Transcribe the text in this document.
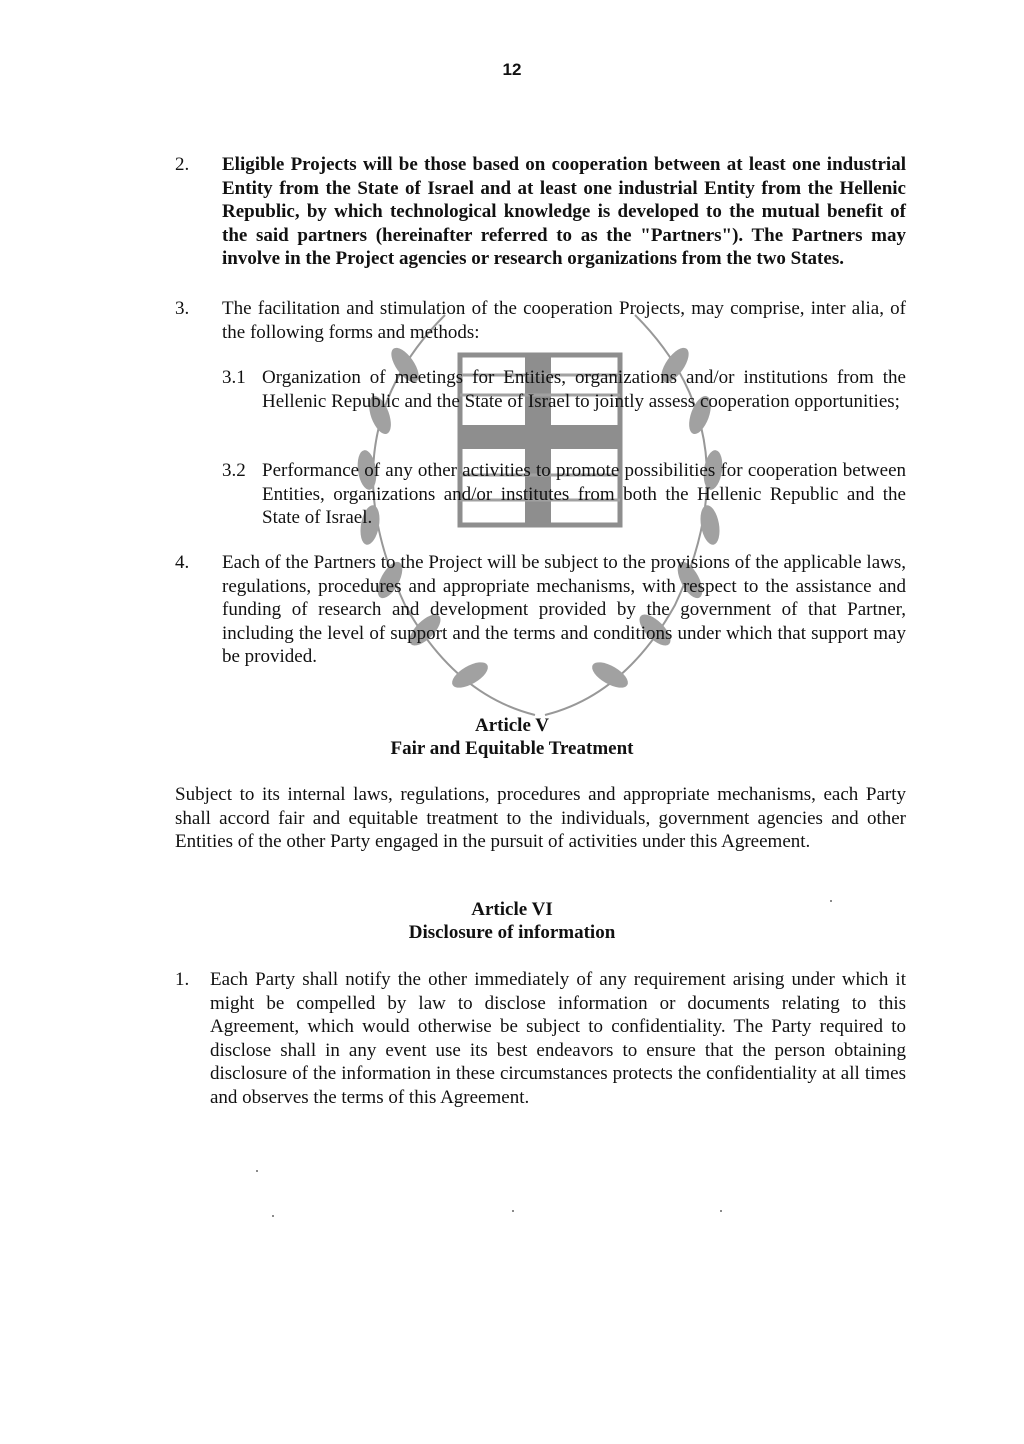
12
2. Eligible Projects will be those based on cooperation between at least one industrial Entity from the State of Israel and at least one industrial Entity from the Hellenic Republic, by which technological knowledge is developed to the mutual benefit of the said partners (hereinafter referred to as the "Partners"). The Partners may involve in the Project agencies or research organizations from the two States.
3. The facilitation and stimulation of the cooperation Projects, may comprise, inter alia, of the following forms and methods:
3.1 Organization of meetings for Entities, organizations and/or institutions from the Hellenic Republic and the State of Israel to jointly assess cooperation opportunities;
3.2 Performance of any other activities to promote possibilities for cooperation between Entities, organizations and/or institutes from both the Hellenic Republic and the State of Israel.
4. Each of the Partners to the Project will be subject to the provisions of the applicable laws, regulations, procedures and appropriate mechanisms, with respect to the assistance and funding of research and development provided by the government of that Partner, including the level of support and the terms and conditions under which that support may be provided.
Article V
Fair and Equitable Treatment
Subject to its internal laws, regulations, procedures and appropriate mechanisms, each Party shall accord fair and equitable treatment to the individuals, government agencies and other Entities of the other Party engaged in the pursuit of activities under this Agreement.
Article VI
Disclosure of information
1. Each Party shall notify the other immediately of any requirement arising under which it might be compelled by law to disclose information or documents relating to this Agreement, which would otherwise be subject to confidentiality. The Party required to disclose shall in any event use its best endeavors to ensure that the person obtaining disclosure of the information in these circumstances protects the confidentiality at all times and observes the terms of this Agreement.
